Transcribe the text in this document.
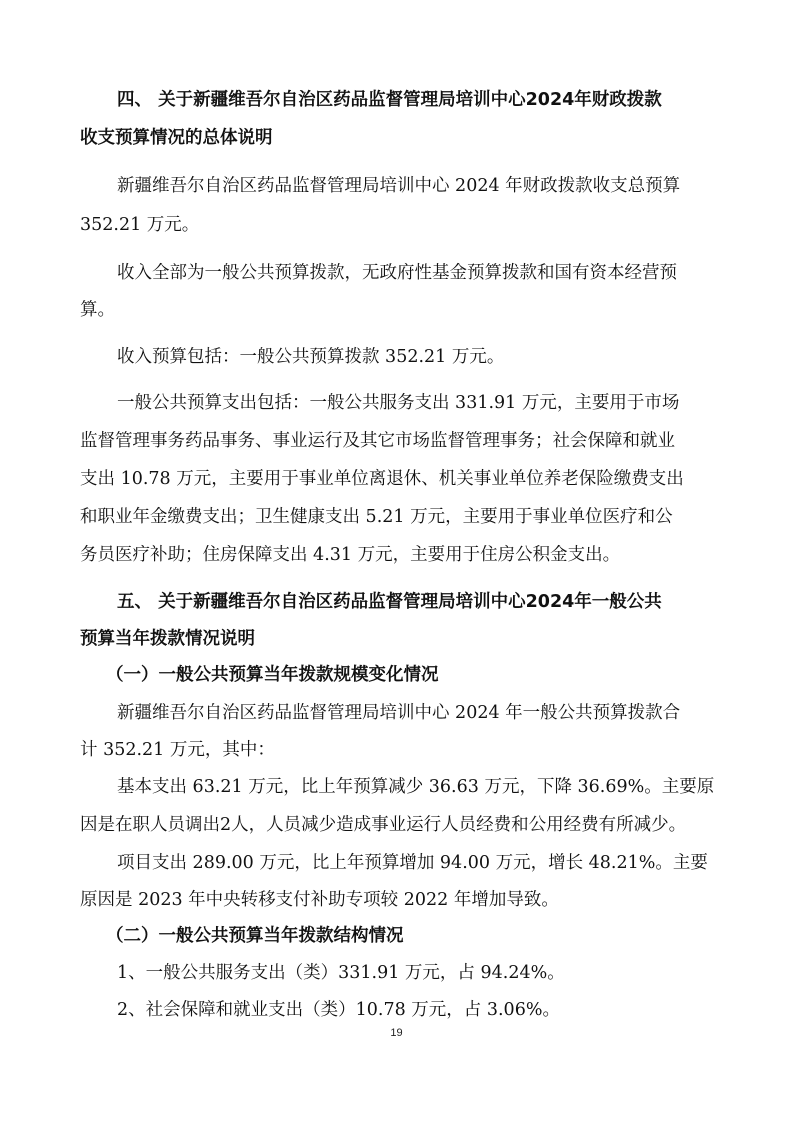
四、 关于新疆维吾尔自治区药品监督管理局培训中心2024年财政拨款
收支预算情况的总体说明
新疆维吾尔自治区药品监督管理局培训中心 2024 年财政拨款收支总预算
352.21 万元。
收入全部为一般公共预算拨款，无政府性基金预算拨款和国有资本经营预
算。
收入预算包括：一般公共预算拨款 352.21 万元。
一般公共预算支出包括：一般公共服务支出 331.91 万元，主要用于市场
监督管理事务药品事务、事业运行及其它市场监督管理事务；社会保障和就业
支出 10.78 万元，主要用于事业单位离退休、机关事业单位养老保险缴费支出
和职业年金缴费支出；卫生健康支出 5.21 万元，主要用于事业单位医疗和公
务员医疗补助；住房保障支出 4.31 万元，主要用于住房公积金支出。
五、 关于新疆维吾尔自治区药品监督管理局培训中心2024年一般公共
预算当年拨款情况说明
（一）一般公共预算当年拨款规模变化情况
新疆维吾尔自治区药品监督管理局培训中心 2024 年一般公共预算拨款合
计 352.21 万元，其中：
基本支出 63.21 万元，比上年预算减少 36.63 万元，下降 36.69%。主要原
因是在职人员调出2人，人员减少造成事业运行人员经费和公用经费有所减少。
项目支出 289.00 万元，比上年预算增加 94.00 万元，增长 48.21%。主要
原因是 2023 年中央转移支付补助专项较 2022 年增加导致。
（二）一般公共预算当年拨款结构情况
1、一般公共服务支出（类）331.91 万元，占 94.24%。
2、社会保障和就业支出（类）10.78 万元，占 3.06%。
19
